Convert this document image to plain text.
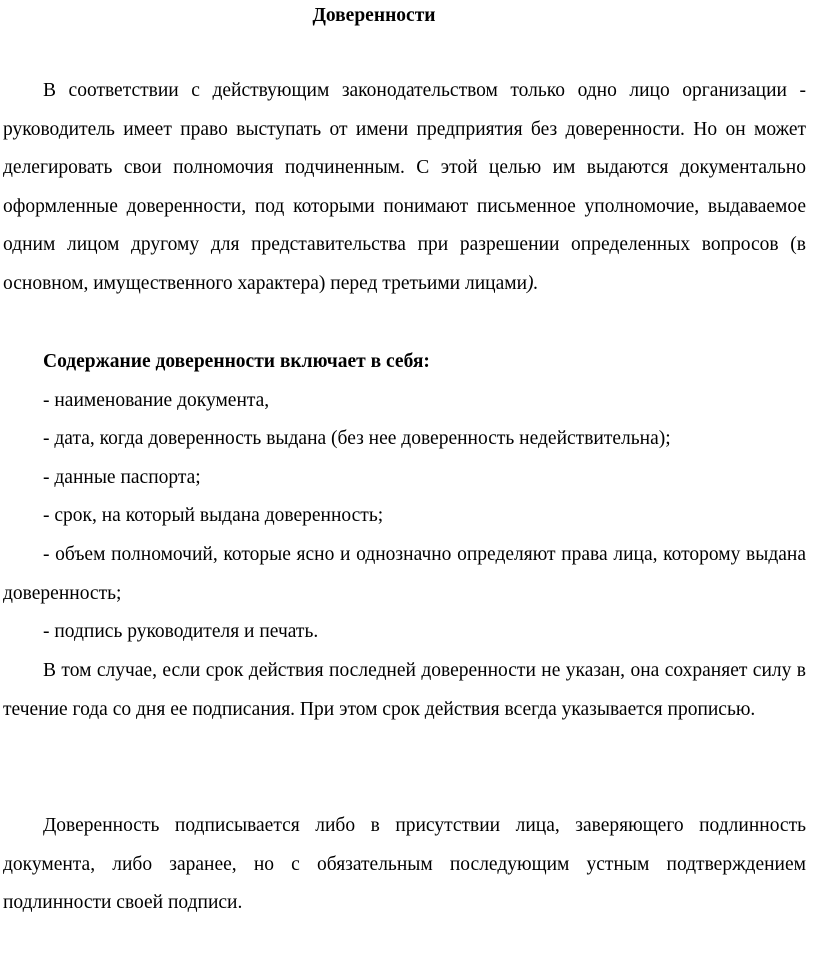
Доверенности

В соответствии с действующим законодательством только одно лицо организации - руководитель имеет право выступать от имени предприятия без доверенности. Но он может делегировать свои полномочия подчиненным. С этой целью им выдаются документально оформленные доверенности, под которыми понимают письменное уполномочие, выдаваемое одним лицом другому для представительства при разрешении определенных вопросов (в основном, имущественного характера) перед третьими лицами).

Содержание доверенности включает в себя:

- наименование документа,

- дата, когда доверенность выдана (без нее доверенность недействительна);

- данные паспорта;

- срок, на который выдана доверенность;

- объем полномочий, которые ясно и однозначно определяют права лица, которому выдана доверенность;

- подпись руководителя и печать.

В том случае, если срок действия последней доверенности не указан, она сохраняет силу в течение года со дня ее подписания. При этом срок действия всегда указывается прописью.

Доверенность подписывается либо в присутствии лица, заверяющего подлинность документа, либо заранее, но с обязательным последующим устным подтверждением подлинности своей подписи.
